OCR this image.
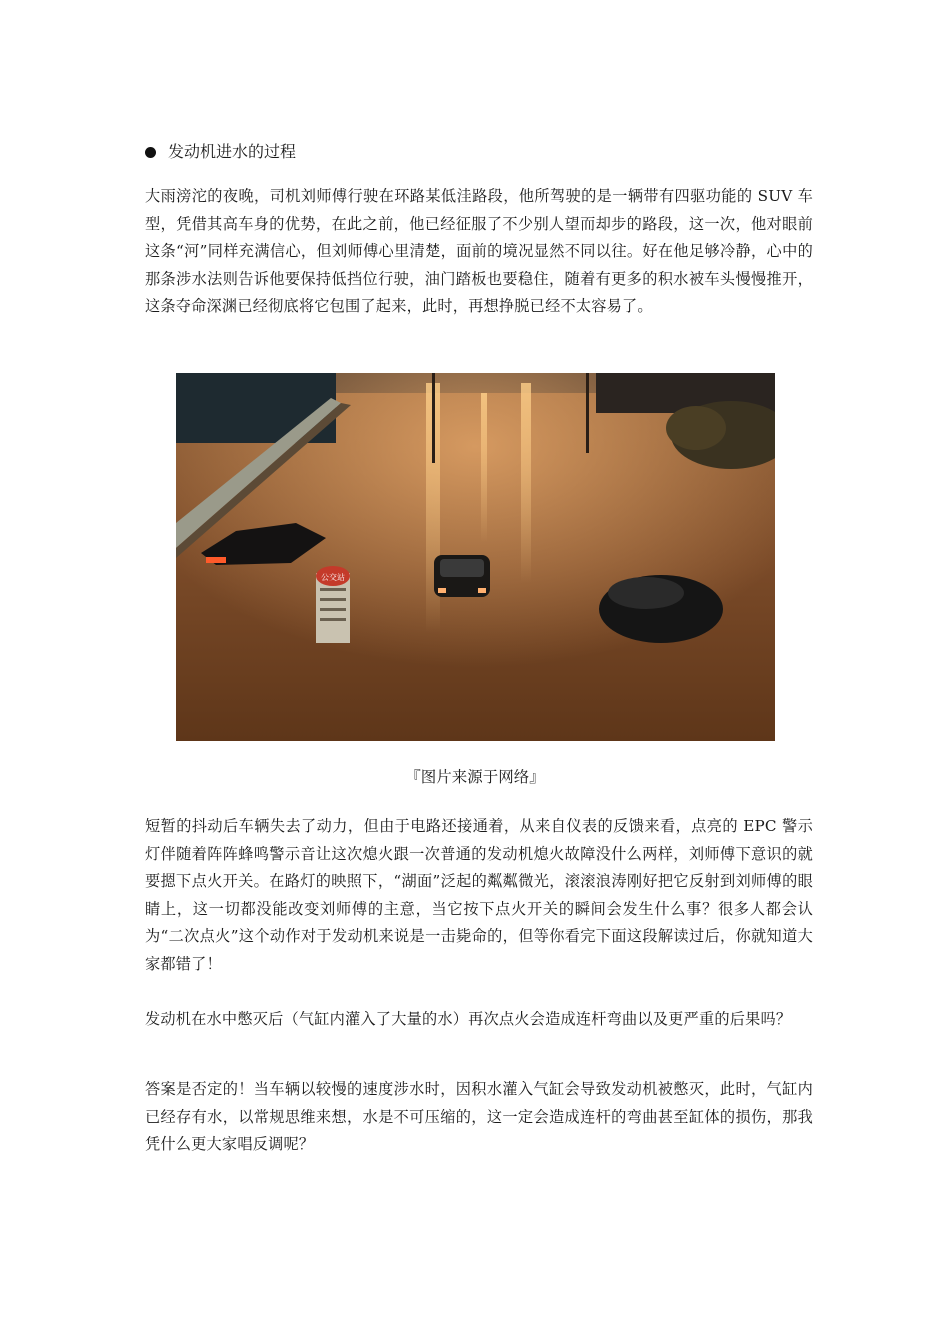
发动机进水的过程

大雨滂沱的夜晚，司机刘师傅行驶在环路某低洼路段，他所驾驶的是一辆带有四驱功能的 SUV 车型，凭借其高车身的优势，在此之前，他已经征服了不少别人望而却步的路段，这一次，他对眼前这条“河”同样充满信心，但刘师傅心里清楚，面前的境况显然不同以往。好在他足够冷静，心中的那条涉水法则告诉他要保持低挡位行驶，油门踏板也要稳住，随着有更多的积水被车头慢慢推开，这条夺命深渊已经彻底将它包围了起来，此时，再想挣脱已经不太容易了。

公交站
『图片来源于网络』

短暂的抖动后车辆失去了动力，但由于电路还接通着，从来自仪表的反馈来看，点亮的 EPC 警示灯伴随着阵阵蜂鸣警示音让这次熄火跟一次普通的发动机熄火故障没什么两样，刘师傅下意识的就要摁下点火开关。在路灯的映照下，“湖面”泛起的粼粼微光，滚滚浪涛刚好把它反射到刘师傅的眼睛上，这一切都没能改变刘师傅的主意，当它按下点火开关的瞬间会发生什么事？很多人都会认为“二次点火”这个动作对于发动机来说是一击毙命的，但等你看完下面这段解读过后，你就知道大家都错了！

发动机在水中憋灭后（气缸内灌入了大量的水）再次点火会造成连杆弯曲以及更严重的后果吗？

答案是否定的！当车辆以较慢的速度涉水时，因积水灌入气缸会导致发动机被憋灭，此时，气缸内已经存有水，以常规思维来想，水是不可压缩的，这一定会造成连杆的弯曲甚至缸体的损伤，那我凭什么更大家唱反调呢？
